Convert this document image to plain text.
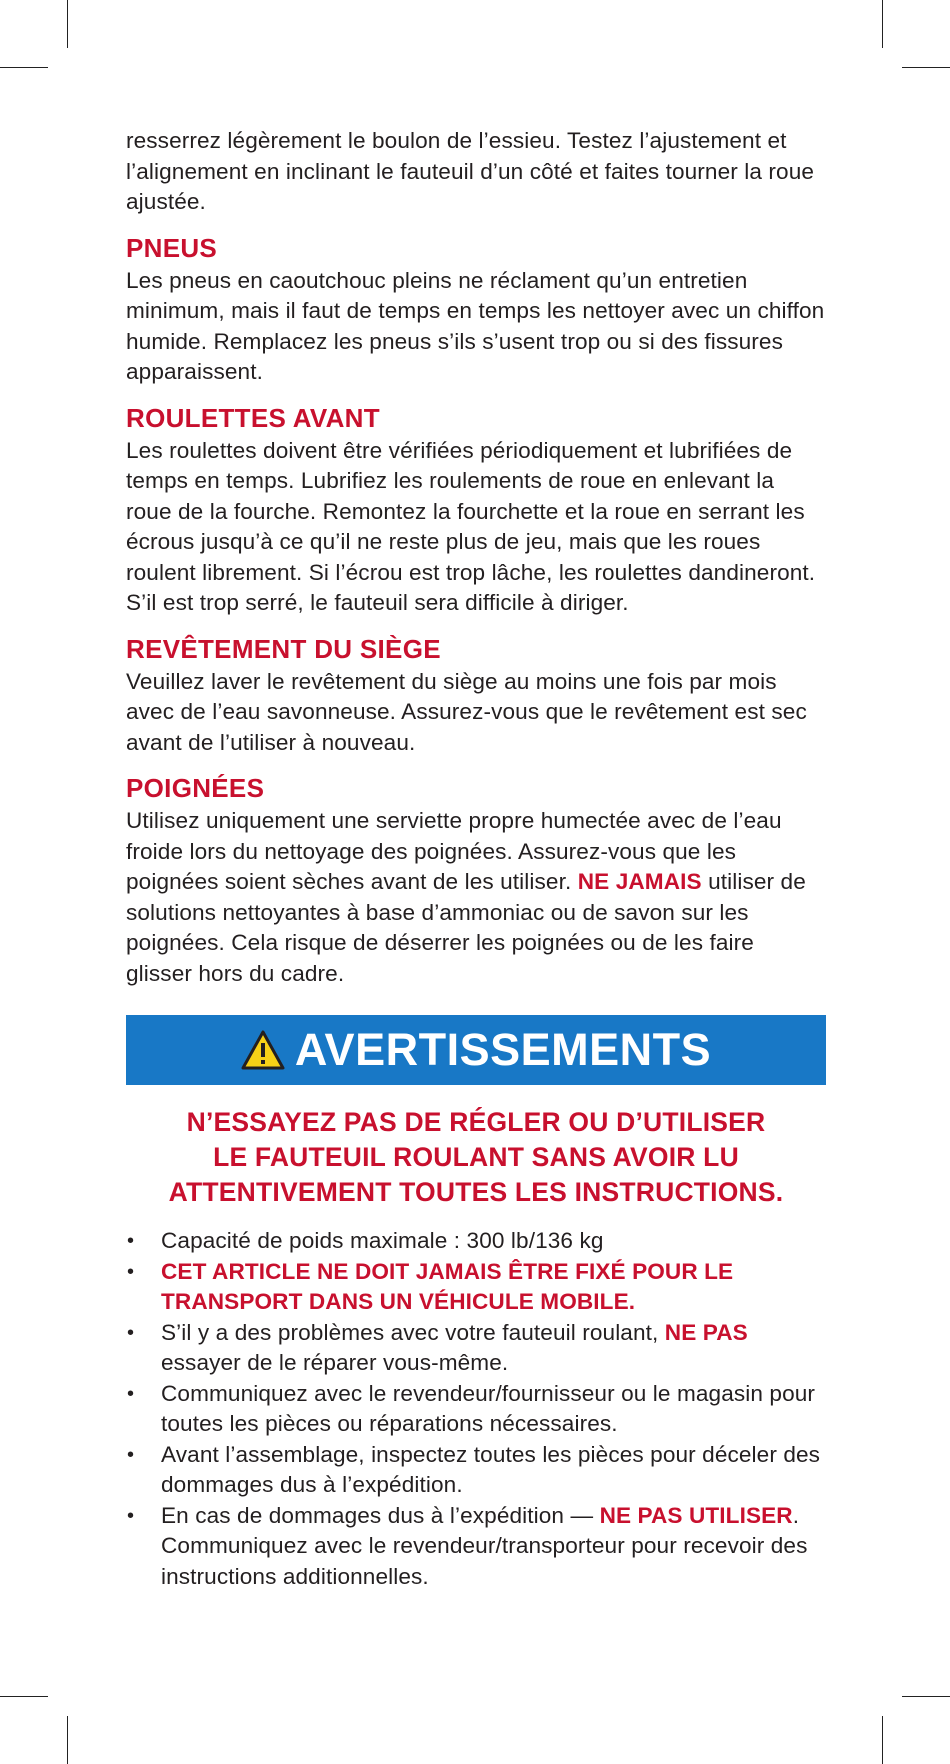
resserrez légèrement le boulon de l’essieu. Testez l’ajustement et l’alignement en inclinant le fauteuil d’un côté et faites tourner la roue ajustée.

PNEUS

Les pneus en caoutchouc pleins ne réclament qu’un entretien minimum, mais il faut de temps en temps les nettoyer avec un chiffon humide. Remplacez les pneus s’ils s’usent trop ou si des fissures apparaissent.

ROULETTES AVANT

Les roulettes doivent être vérifiées périodiquement et lubrifiées de temps en temps. Lubrifiez les roulements de roue en enlevant la roue de la fourche. Remontez la fourchette et la roue en serrant les écrous jusqu’à ce qu’il ne reste plus de jeu, mais que les roues roulent librement. Si l’écrou est trop lâche, les roulettes dandineront. S’il est trop serré, le fauteuil sera difficile à diriger.

REVÊTEMENT DU SIÈGE

Veuillez laver le revêtement du siège au moins une fois par mois avec de l’eau savonneuse. Assurez-vous que le revêtement est sec avant de l’utiliser à nouveau.

POIGNÉES

Utilisez uniquement une serviette propre humectée avec de l’eau froide lors du nettoyage des poignées. Assurez-vous que les poignées soient sèches avant de les utiliser. NE JAMAIS utiliser de solutions nettoyantes à base d’ammoniac ou de savon sur les poignées. Cela risque de déserrer les poignées ou de les faire glisser hors du cadre.

AVERTISSEMENTS
N’ESSAYEZ PAS DE RÉGLER OU D’UTILISER
LE FAUTEUIL ROULANT SANS AVOIR LU
ATTENTIVEMENT TOUTES LES INSTRUCTIONS.
• Capacité de poids maximale : 300 lb/136 kg
• CET ARTICLE NE DOIT JAMAIS ÊTRE FIXÉ POUR LE TRANSPORT DANS UN VÉHICULE MOBILE.
• S’il y a des problèmes avec votre fauteuil roulant, NE PAS essayer de le réparer vous-même.
• Communiquez avec le revendeur/fournisseur ou le magasin pour toutes les pièces ou réparations nécessaires.
• Avant l’assemblage, inspectez toutes les pièces pour déceler des dommages dus à l’expédition.
• En cas de dommages dus à l’expédition — NE PAS UTILISER. Communiquez avec le revendeur/transporteur pour recevoir des instructions additionnelles.
